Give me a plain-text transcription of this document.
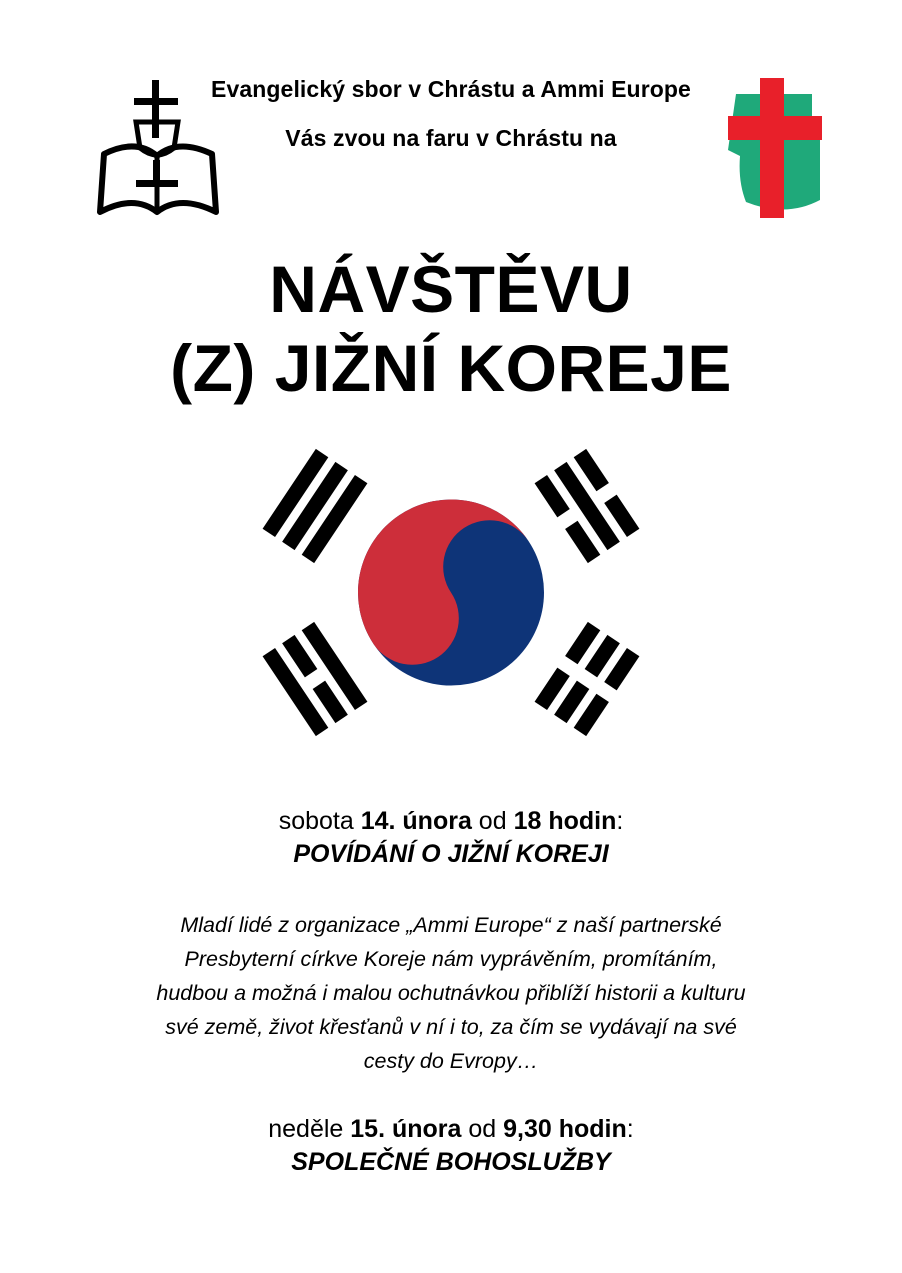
Evangelický sbor v Chrástu a Ammi Europe
Vás zvou na faru v Chrástu na
NÁVŠTĚVU
(Z) JIŽNÍ KOREJE
sobota 14. února od 18 hodin:
POVÍDÁNÍ O JIŽNÍ KOREJI
Mladí lidé z organizace „Ammi Europe“ z naší partnerské
Presbyterní církve Koreje nám vyprávěním, promítáním,
hudbou a možná i malou ochutnávkou přiblíží historii a kulturu
své země, život křesťanů v ní i to, za čím se vydávají na své
cesty do Evropy…
neděle 15. února od 9,30 hodin:
SPOLEČNÉ BOHOSLUŽBY
